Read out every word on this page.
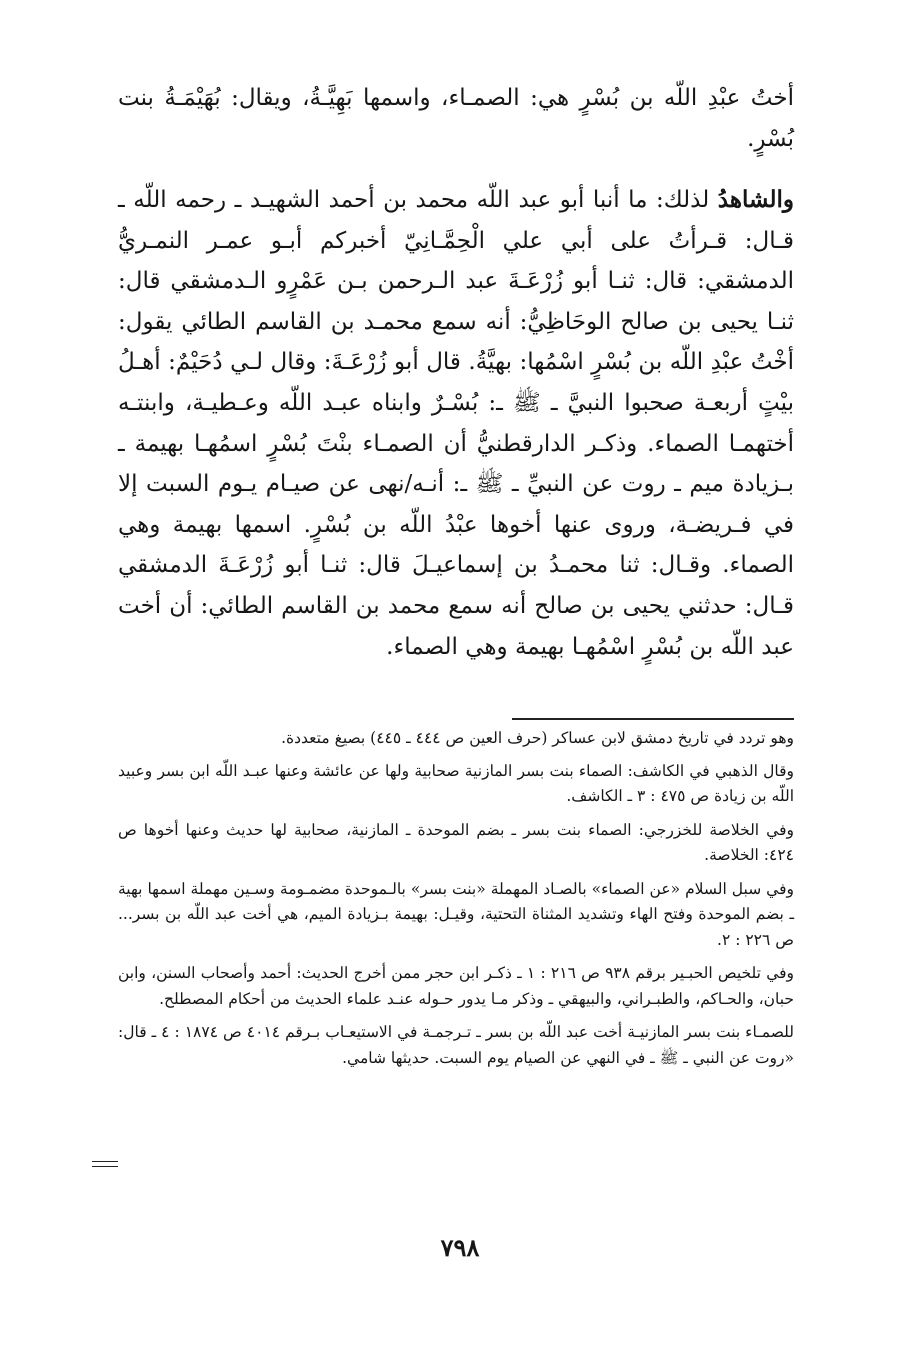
أختُ عبْدِ اللّه بن بُسْرٍ هي: الصمـاء، واسمها بَهِيَّـةُ، ويقال: بُهَيْمَـةُ بنت بُسْرٍ.

والشاهدُ لذلك: ما أنبا أبو عبد اللّه محمد بن أحمد الشهيـد ـ رحمه اللّه ـ قـال: قـرأتُ على أبي علي الْحِمَّـانِيّ أخبركم أبـو عمـر النمـريُّ الدمشقي: قال: ثنـا أبو زُرْعَـةَ عبد الـرحمن بـن عَمْرٍو الـدمشقي قال: ثنـا يحيى بن صالح الوحَاظِيُّ: أنه سمع محمـد بن القاسم الطائي يقول: أخْتُ عبْدِ اللّه بن بُسْرٍ اسْمُها: بهيَّةُ. قال أبو زُرْعَـةَ: وقال لـي دُحَيْمٌ: أهـلُ بيْتٍ أربعـة صحبوا النبيَّ ـ ﷺ ـ: بُسْـرٌ وابناه عبـد اللّه وعـطيـة، وابنتـه أختهمـا الصماء. وذكـر الدارقطنيُّ أن الصمـاء بنْتَ بُسْرٍ اسمُهـا بهيمة ـ بـزيادة ميم ـ روت عن النبيِّ ـ ﷺ ـ: أنـه/نهى عن صيـام يـوم السبت إلا في فـريضـة، وروى عنها أخوها عبْدُ اللّه بن بُسْرٍ. اسمها بهيمة وهي الصماء. وقـال: ثنا محمـدُ بن إسماعيـلَ قال: ثنـا أبو زُرْعَـةَ الدمشقي قـال: حدثني يحيى بن صالح أنه سمع محمد بن القاسم الطائي: أن أخت عبد اللّه بن بُسْرٍ اسْمُهـا بهيمة وهي الصماء.

وهو تردد في تاريخ دمشق لابن عساكر (حرف العين ص ٤٤٤ ـ ٤٤٥) بصيغ متعددة.

وقال الذهبي في الكاشف: الصماء بنت بسر المازنية صحابية ولها عن عائشة وعنها عبـد اللّه ابن بسر وعبيد اللّه بن زيادة ص ٤٧٥ : ٣ ـ الكاشف.

وفي الخلاصة للخزرجي: الصماء بنت بسر ـ بضم الموحدة ـ المازنية، صحابية لها حديث وعنها أخوها ص ٤٢٤: الخلاصة.

وفي سبل السلام «عن الصماء» بالصـاد المهملة «بنت بسر» بالـموحدة مضمـومة وسـين مهملة اسمها بهية ـ بضم الموحدة وفتح الهاء وتشديد المثناة التحتية، وقيـل: بهيمة بـزيادة الميم، هي أخت عبد اللّه بن بسر... ص ٢٢٦ : ٢.

وفي تلخيص الحبـير برقم ٩٣٨ ص ٢١٦ : ١ ـ ذكـر ابن حجر ممن أخرج الحديث: أحمد وأصحاب السنن، وابن حبان، والحـاكم، والطبـراني، والبيهقي ـ وذكر مـا يدور حـوله عنـد علماء الحديث من أحكام المصطلح.

للصمـاء بنت بسر المازنيـة أخت عبد اللّه بن بسر ـ تـرجمـة في الاستيعـاب بـرقم ٤٠١٤ ص ١٨٧٤ : ٤ ـ قال: «روت عن النبي ـ ﷺ ـ في النهي عن الصيام يوم السبت. حديثها شامي.

٧٩٨
